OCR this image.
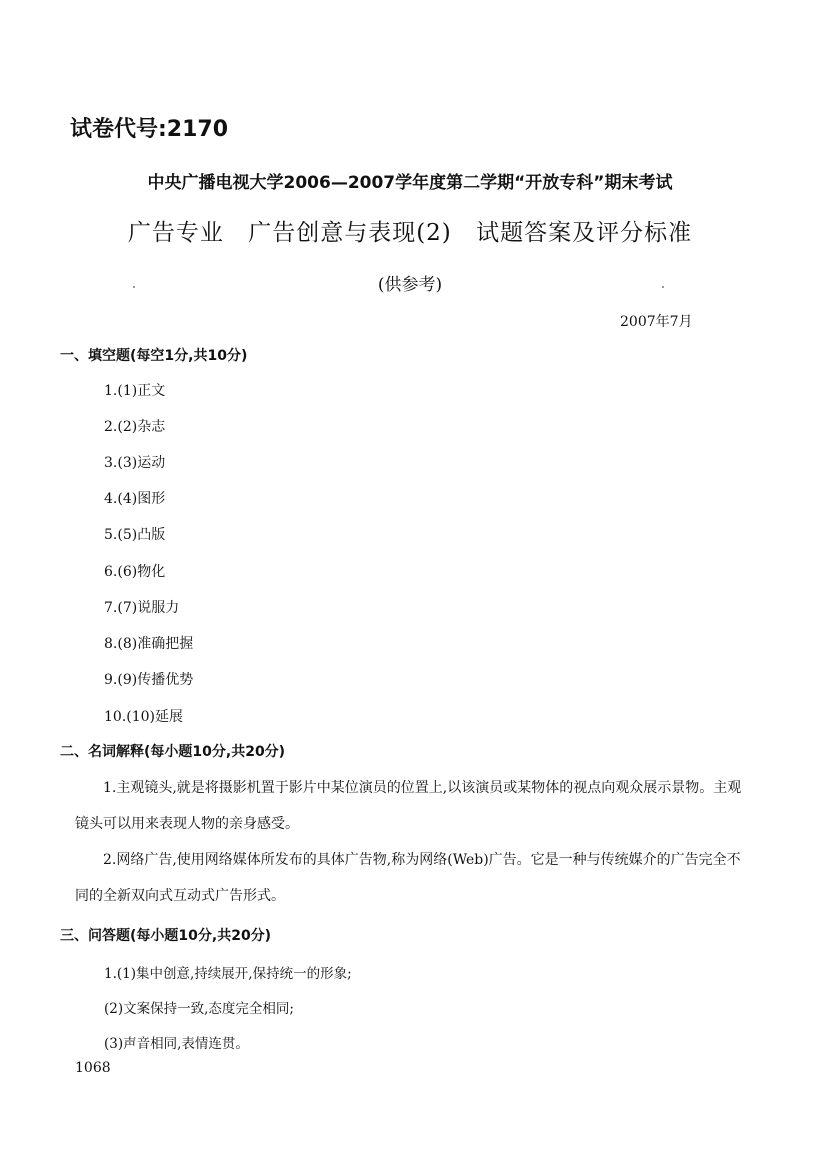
试卷代号:2170
中央广播电视大学2006—2007学年度第二学期“开放专科”期末考试
广告专业 广告创意与表现(2) 试题答案及评分标准
(供参考)
2007年7月
一、填空题(每空1分,共10分)
1.(1)正文
2.(2)杂志
3.(3)运动
4.(4)图形
5.(5)凸版
6.(6)物化
7.(7)说服力
8.(8)准确把握
9.(9)传播优势
10.(10)延展
二、名词解释(每小题10分,共20分)
1.主观镜头,就是将摄影机置于影片中某位演员的位置上,以该演员或某物体的视点向观众展示景物。主观镜头可以用来表现人物的亲身感受。
2.网络广告,使用网络媒体所发布的具体广告物,称为网络(Web)广告。它是一种与传统媒介的广告完全不同的全新双向式互动式广告形式。
三、问答题(每小题10分,共20分)
1.(1)集中创意,持续展开,保持统一的形象;
(2)文案保持一致,态度完全相同;
(3)声音相同,表情连贯。
1068
